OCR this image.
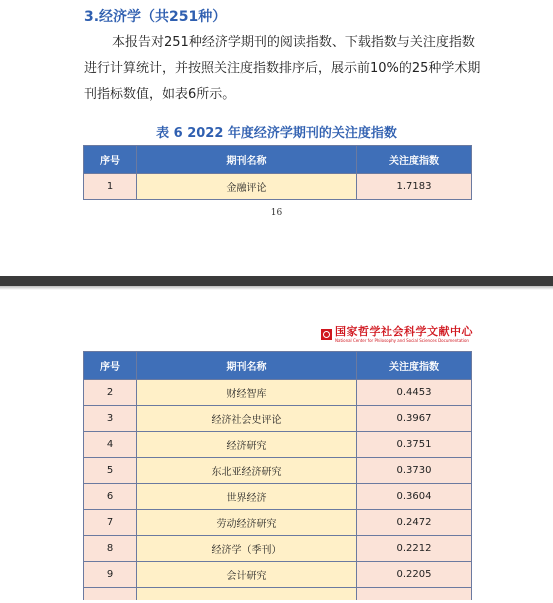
3.经济学（共251种）
本报告对251种经济学期刊的阅读指数、下载指数与关注度指数
进行计算统计，并按照关注度指数排序后，展示前10%的25种学术期
刊指标数值，如表6所示。
表 6 2022 年度经济学期刊的关注度指数
序号	期刊名称	关注度指数
1	金融评论	1.7183
16
国家哲学社会科学文献中心
National Center for Philosophy and Social Sciences Documentation
序号	期刊名称	关注度指数
2	财经智库	0.4453
3	经济社会史评论	0.3967
4	经济研究	0.3751
5	东北亚经济研究	0.3730
6	世界经济	0.3604
7	劳动经济研究	0.2472
8	经济学（季刊）	0.2212
9	会计研究	0.2205
